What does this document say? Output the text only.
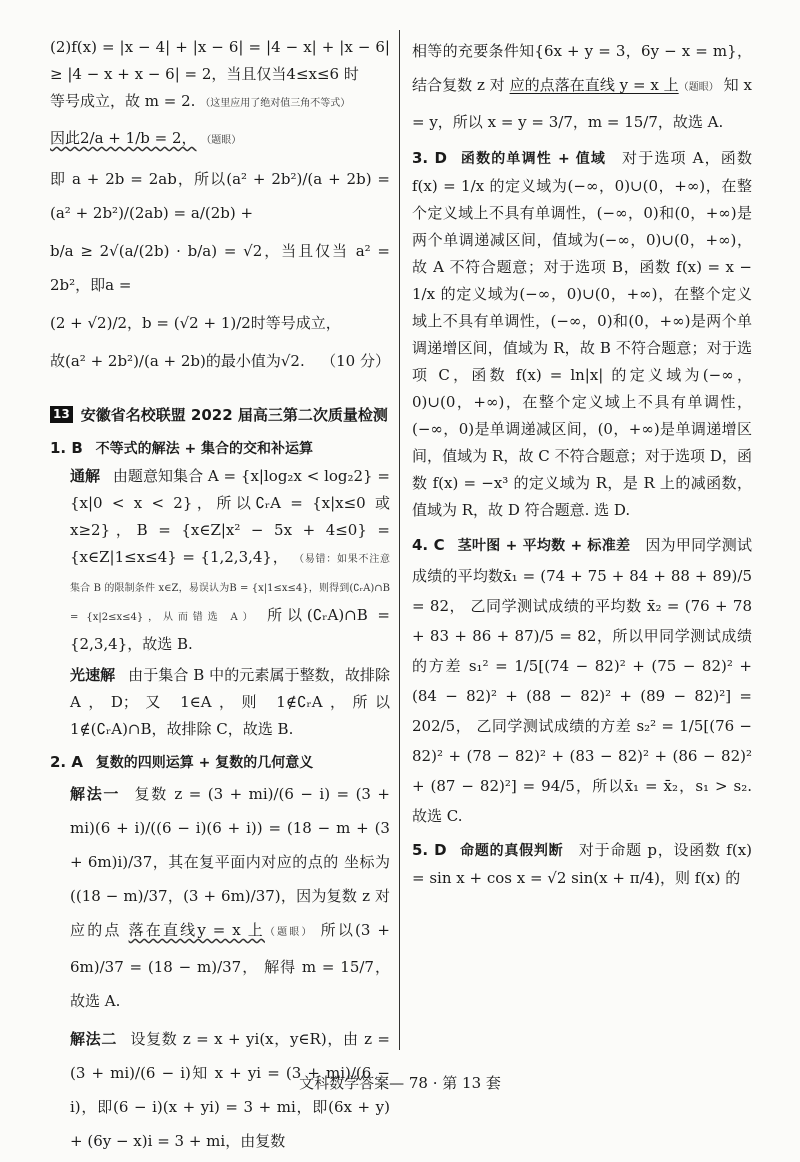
(2)f(x) = |x − 4| + |x − 6| = |4 − x| + |x − 6| ≥ |4 − x + x − 6| = 2，当且仅当4≤x≤6 时
等号成立，故 m = 2. （这里应用了绝对值三角不等式）

因此2/a + 1/b = 2， （题眼）

即 a + 2b = 2ab，所以(a² + 2b²)/(a + 2b) = (a² + 2b²)/(2ab) = a/(2b) +

b/a ≥ 2√(a/(2b) · b/a) = √2，当且仅当 a² = 2b²，即a =

(2 + √2)/2，b = (√2 + 1)/2时等号成立，

故(a² + 2b²)/(a + 2b)的最小值为√2. （10 分）

13 安徽省名校联盟 2022 届高三第二次质量检测

1. B 不等式的解法 + 集合的交和补运算

通解 由题意知集合 A = {x|log₂x < log₂2} = {x|0 < x < 2}，所以∁ᵣA = {x|x≤0 或 x≥2}，B = {x∈Z|x² − 5x + 4≤0} = {x∈Z|1≤x≤4} = {1,2,3,4}， （易错：如果不注意集合 B 的限制条件 x∈Z，易误认为B = {x|1≤x≤4}，则得到(∁ᵣA)∩B = {x|2≤x≤4}，从而错选 A） 所以(∁ᵣA)∩B = {2,3,4}，故选 B.

光速解 由于集合 B 中的元素属于整数，故排除 A，D；又 1∈A，则 1∉∁ᵣA，所以 1∉(∁ᵣA)∩B，故排除 C，故选 B.

2. A 复数的四则运算 + 复数的几何意义

解法一 复数 z = (3 + mi)/(6 − i) = (3 + mi)(6 + i)/((6 − i)(6 + i)) = (18 − m + (3 + 6m)i)/37，其在复平面内对应的点的 坐标为((18 − m)/37，(3 + 6m)/37)，因为复数 z 对应的点 落在直线y = x 上（题眼） 所以(3 + 6m)/37 = (18 − m)/37， 解得 m = 15/7，故选 A.

解法二 设复数 z = x + yi(x，y∈R)，由 z = (3 + mi)/(6 − i)知 x + yi = (3 + mi)/(6 − i)，即(6 − i)(x + yi) = 3 + mi，即(6x + y) + (6y − x)i = 3 + mi，由复数

相等的充要条件知{6x + y = 3，6y − x = m}，结合复数 z 对 应的点落在直线 y = x 上（题眼） 知 x = y，所以 x = y = 3/7，m = 15/7，故选 A.

3. D 函数的单调性 + 值域 对于选项 A，函数 f(x) = 1/x 的定义域为(−∞，0)∪(0，+∞)，在整个定义域上不具有单调性，(−∞，0)和(0，+∞)是两个单调递减区间，值域为(−∞，0)∪(0，+∞)，故 A 不符合题意；对于选项 B，函数 f(x) = x − 1/x 的定义域为(−∞，0)∪(0，+∞)，在整个定义域上不具有单调性，(−∞，0)和(0，+∞)是两个单调递增区间，值域为 R，故 B 不符合题意；对于选项 C，函数 f(x) = ln|x| 的定义域为(−∞，0)∪(0，+∞)，在整个定义域上不具有单调性，(−∞，0)是单调递减区间，(0，+∞)是单调递增区间，值域为 R，故 C 不符合题意；对于选项 D，函数 f(x) = −x³ 的定义域为 R，是 R 上的减函数，值域为 R，故 D 符合题意. 选 D.

4. C 茎叶图 + 平均数 + 标准差 因为甲同学测试成绩的平均数x̄₁ = (74 + 75 + 84 + 88 + 89)/5 = 82， 乙同学测试成绩的平均数 x̄₂ = (76 + 78 + 83 + 86 + 87)/5 = 82，所以甲同学测试成绩的方差 s₁² = 1/5[(74 − 82)² + (75 − 82)² + (84 − 82)² + (88 − 82)² + (89 − 82)²] = 202/5， 乙同学测试成绩的方差 s₂² = 1/5[(76 − 82)² + (78 − 82)² + (83 − 82)² + (86 − 82)² + (87 − 82)²] = 94/5，所以x̄₁ = x̄₂，s₁ > s₂. 故选 C.

5. D 命题的真假判断 对于命题 p，设函数 f(x) = sin x + cos x = √2 sin(x + π/4)，则 f(x) 的

文科数学答案— 78 · 第 13 套
